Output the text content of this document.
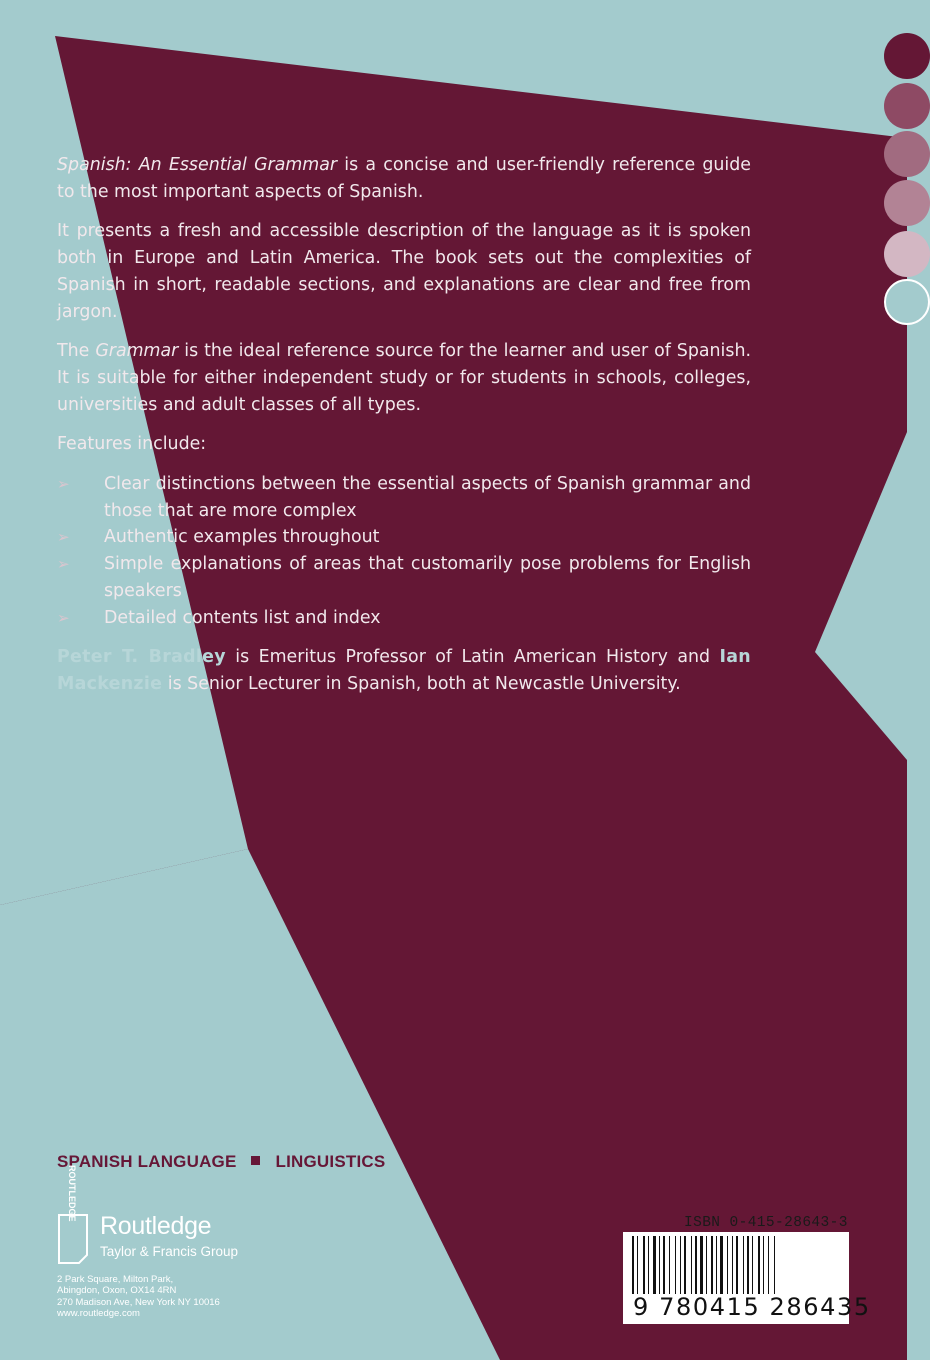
Spanish: An Essential Grammar is a concise and user-friendly reference guide to the most important aspects of Spanish.

It presents a fresh and accessible description of the language as it is spoken both in Europe and Latin America. The book sets out the complexities of Spanish in short, readable sections, and explanations are clear and free from jargon.

The Grammar is the ideal reference source for the learner and user of Spanish. It is suitable for either independent study or for students in schools, colleges, universities and adult classes of all types.

Features include:

➢ Clear distinctions between the essential aspects of Spanish grammar and those that are more complex
➢ Authentic examples throughout
➢ Simple explanations of areas that customarily pose problems for English speakers
➢ Detailed contents list and index

Peter T. Bradley is Emeritus Professor of Latin American History and Ian Mackenzie is Senior Lecturer in Spanish, both at Newcastle University.

SPANISH LANGUAGE LINGUISTICS
ROUTLEDGE
Routledge
Taylor & Francis Group
2 Park Square, Milton Park,
Abingdon, Oxon, OX14 4RN
270 Madison Ave, New York NY 10016
www.routledge.com
ISBN 0-415-28643-3
9 780415 286435
